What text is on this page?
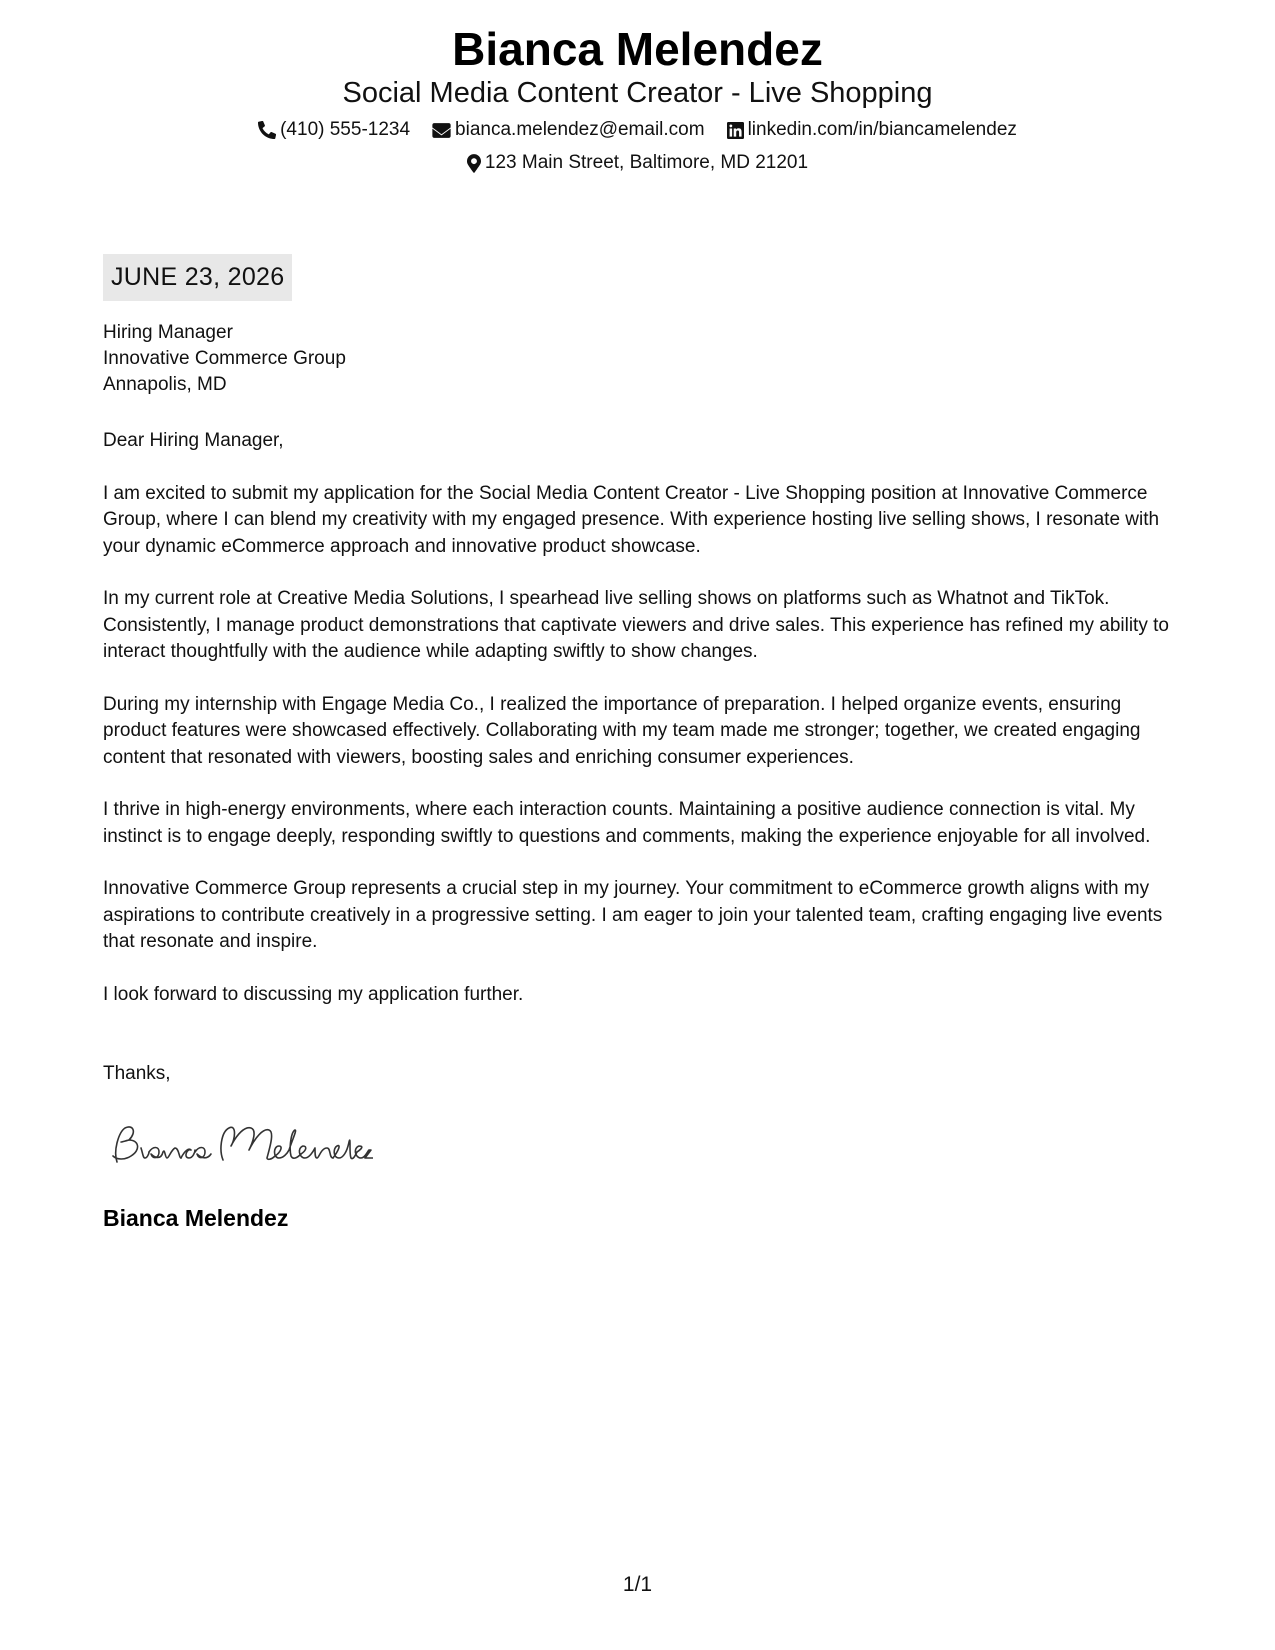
Bianca Melendez
Social Media Content Creator - Live Shopping
(410) 555-1234 bianca.melendez@email.com linkedin.com/in/biancamelendez
123 Main Street, Baltimore, MD 21201
JUNE 23, 2026
Hiring Manager
Innovative Commerce Group
Annapolis, MD

Dear Hiring Manager,

I am excited to submit my application for the Social Media Content Creator - Live Shopping position at Innovative Commerce Group, where I can blend my creativity with my engaged presence. With experience hosting live selling shows, I resonate with your dynamic eCommerce approach and innovative product showcase.

In my current role at Creative Media Solutions, I spearhead live selling shows on platforms such as Whatnot and TikTok. Consistently, I manage product demonstrations that captivate viewers and drive sales. This experience has refined my ability to interact thoughtfully with the audience while adapting swiftly to show changes.

During my internship with Engage Media Co., I realized the importance of preparation. I helped organize events, ensuring product features were showcased effectively. Collaborating with my team made me stronger; together, we created engaging content that resonated with viewers, boosting sales and enriching consumer experiences.

I thrive in high-energy environments, where each interaction counts. Maintaining a positive audience connection is vital. My instinct is to engage deeply, responding swiftly to questions and comments, making the experience enjoyable for all involved.

Innovative Commerce Group represents a crucial step in my journey. Your commitment to eCommerce growth aligns with my aspirations to contribute creatively in a progressive setting. I am eager to join your talented team, crafting engaging live events that resonate and inspire.

I look forward to discussing my application further.

Thanks,
Bianca Melendez
1/1
